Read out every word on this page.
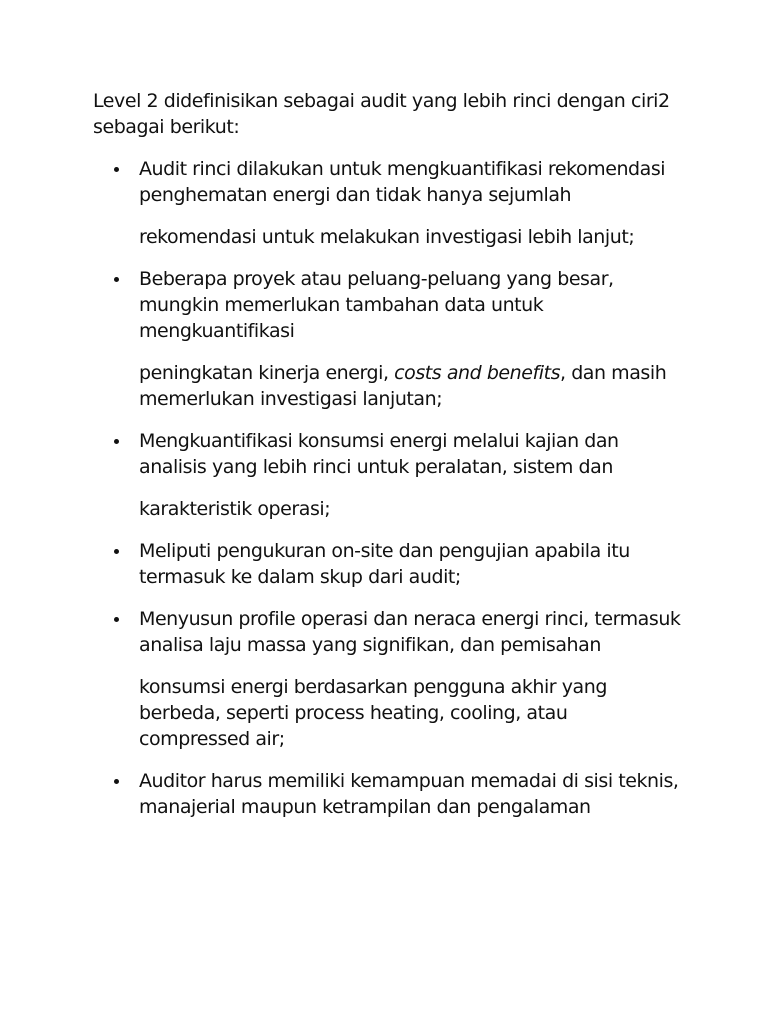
Level 2 didefinisikan sebagai audit yang lebih rinci dengan ciri2 sebagai berikut:

Audit rinci dilakukan untuk mengkuantifikasi rekomendasi penghematan energi dan tidak hanya sejumlah

rekomendasi untuk melakukan investigasi lebih lanjut;

Beberapa proyek atau peluang-peluang yang besar, mungkin memerlukan tambahan data untuk mengkuantifikasi

peningkatan kinerja energi, costs and benefits, dan masih memerlukan investigasi lanjutan;

Mengkuantifikasi konsumsi energi melalui kajian dan analisis yang lebih rinci untuk peralatan, sistem dan

karakteristik operasi;

Meliputi pengukuran on-site dan pengujian apabila itu termasuk ke dalam skup dari audit;

Menyusun profile operasi dan neraca energi rinci, termasuk analisa laju massa yang signifikan, dan pemisahan

konsumsi energi berdasarkan pengguna akhir yang berbeda, seperti process heating, cooling, atau compressed air;

Auditor harus memiliki kemampuan memadai di sisi teknis, manajerial maupun ketrampilan dan pengalaman
